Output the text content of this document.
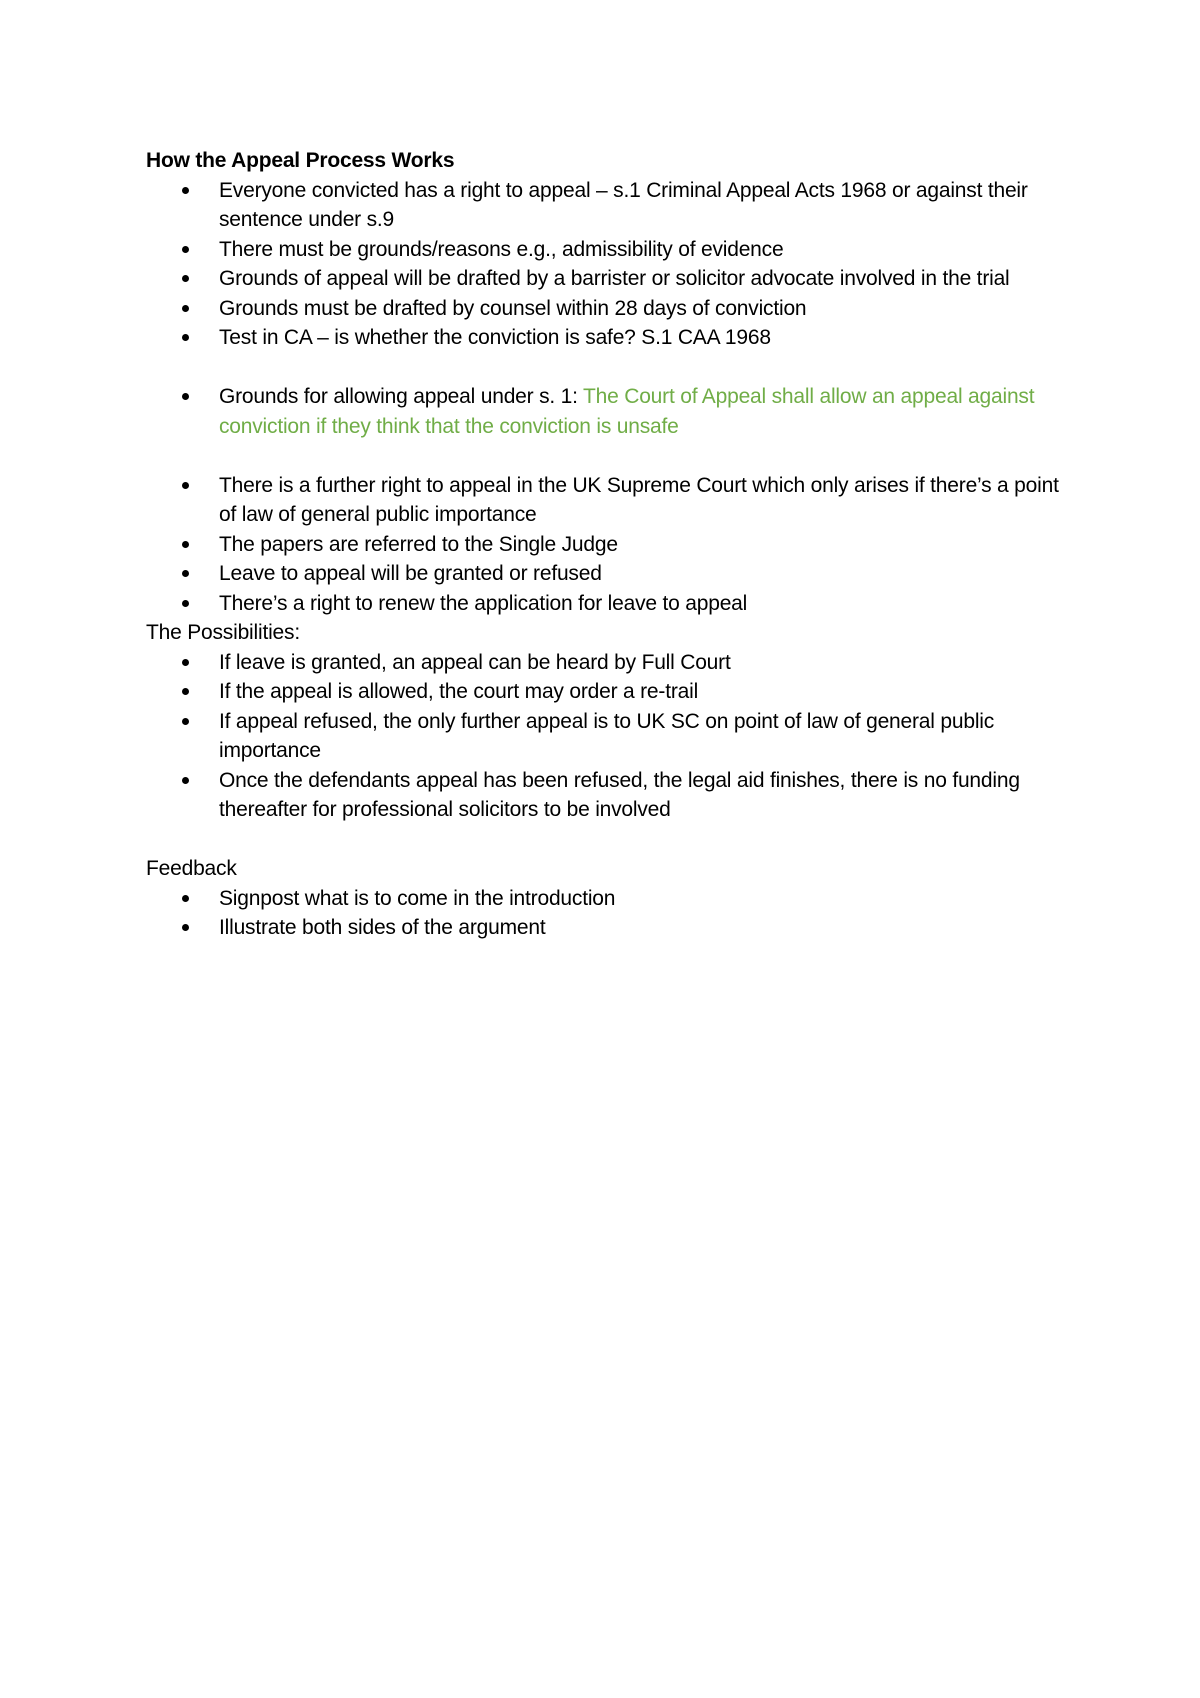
How the Appeal Process Works
Everyone convicted has a right to appeal – s.1 Criminal Appeal Acts 1968 or against their sentence under s.9
There must be grounds/reasons e.g., admissibility of evidence
Grounds of appeal will be drafted by a barrister or solicitor advocate involved in the trial
Grounds must be drafted by counsel within 28 days of conviction
Test in CA – is whether the conviction is safe? S.1 CAA 1968
Grounds for allowing appeal under s. 1: The Court of Appeal shall allow an appeal against conviction if they think that the conviction is unsafe
There is a further right to appeal in the UK Supreme Court which only arises if there’s a point of law of general public importance
The papers are referred to the Single Judge
Leave to appeal will be granted or refused
There’s a right to renew the application for leave to appeal
The Possibilities:
If leave is granted, an appeal can be heard by Full Court
If the appeal is allowed, the court may order a re-trail
If appeal refused, the only further appeal is to UK SC on point of law of general public importance
Once the defendants appeal has been refused, the legal aid finishes, there is no funding thereafter for professional solicitors to be involved
Feedback
Signpost what is to come in the introduction
Illustrate both sides of the argument
